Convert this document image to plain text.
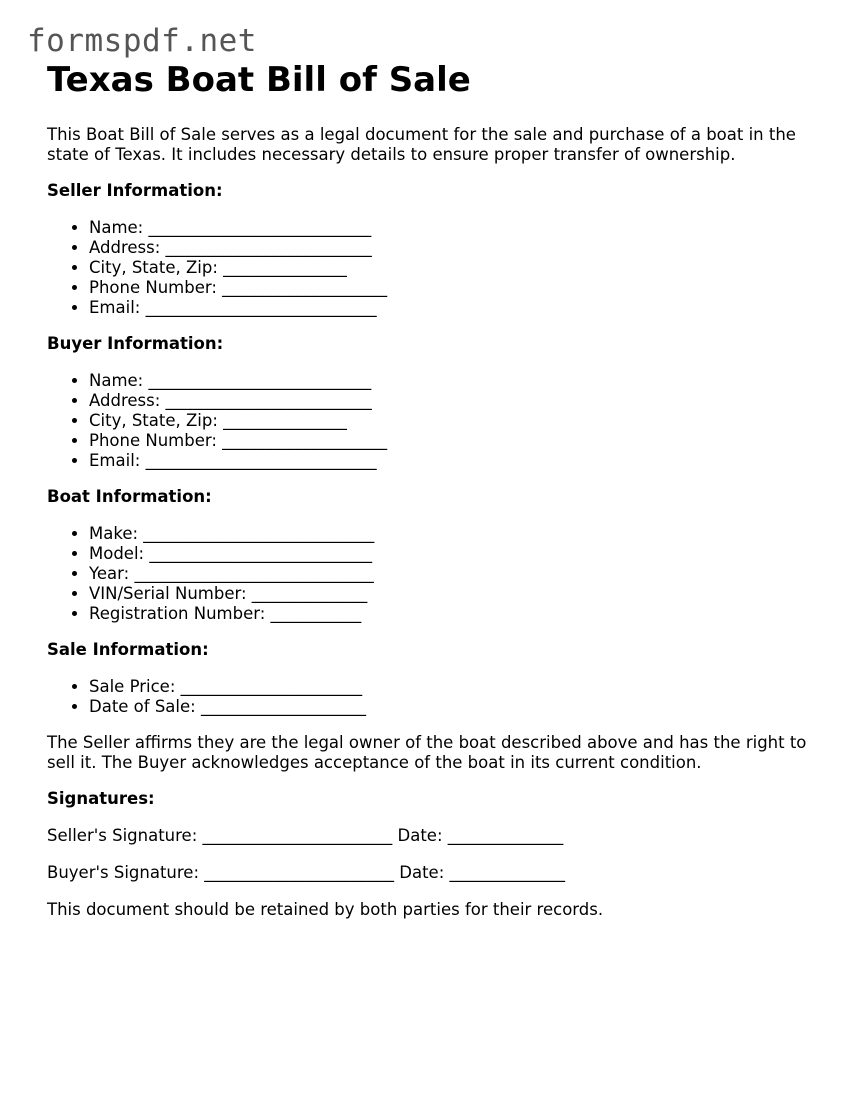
formspdf.net
Texas Boat Bill of Sale

This Boat Bill of Sale serves as a legal document for the sale and purchase of a boat in the state of Texas. It includes necessary details to ensure proper transfer of ownership.

Seller Information:

• Name: ___________________________
• Address: _________________________
• City, State, Zip: _______________
• Phone Number: ____________________
• Email: ____________________________

Buyer Information:

• Name: ___________________________
• Address: _________________________
• City, State, Zip: _______________
• Phone Number: ____________________
• Email: ____________________________

Boat Information:

• Make: ____________________________
• Model: ___________________________
• Year: _____________________________
• VIN/Serial Number: ______________
• Registration Number: ___________

Sale Information:

• Sale Price: ______________________
• Date of Sale: ____________________

The Seller affirms they are the legal owner of the boat described above and has the right to sell it. The Buyer acknowledges acceptance of the boat in its current condition.

Signatures:

Seller's Signature: _______________________ Date: ______________

Buyer's Signature: _______________________ Date: ______________

This document should be retained by both parties for their records.
